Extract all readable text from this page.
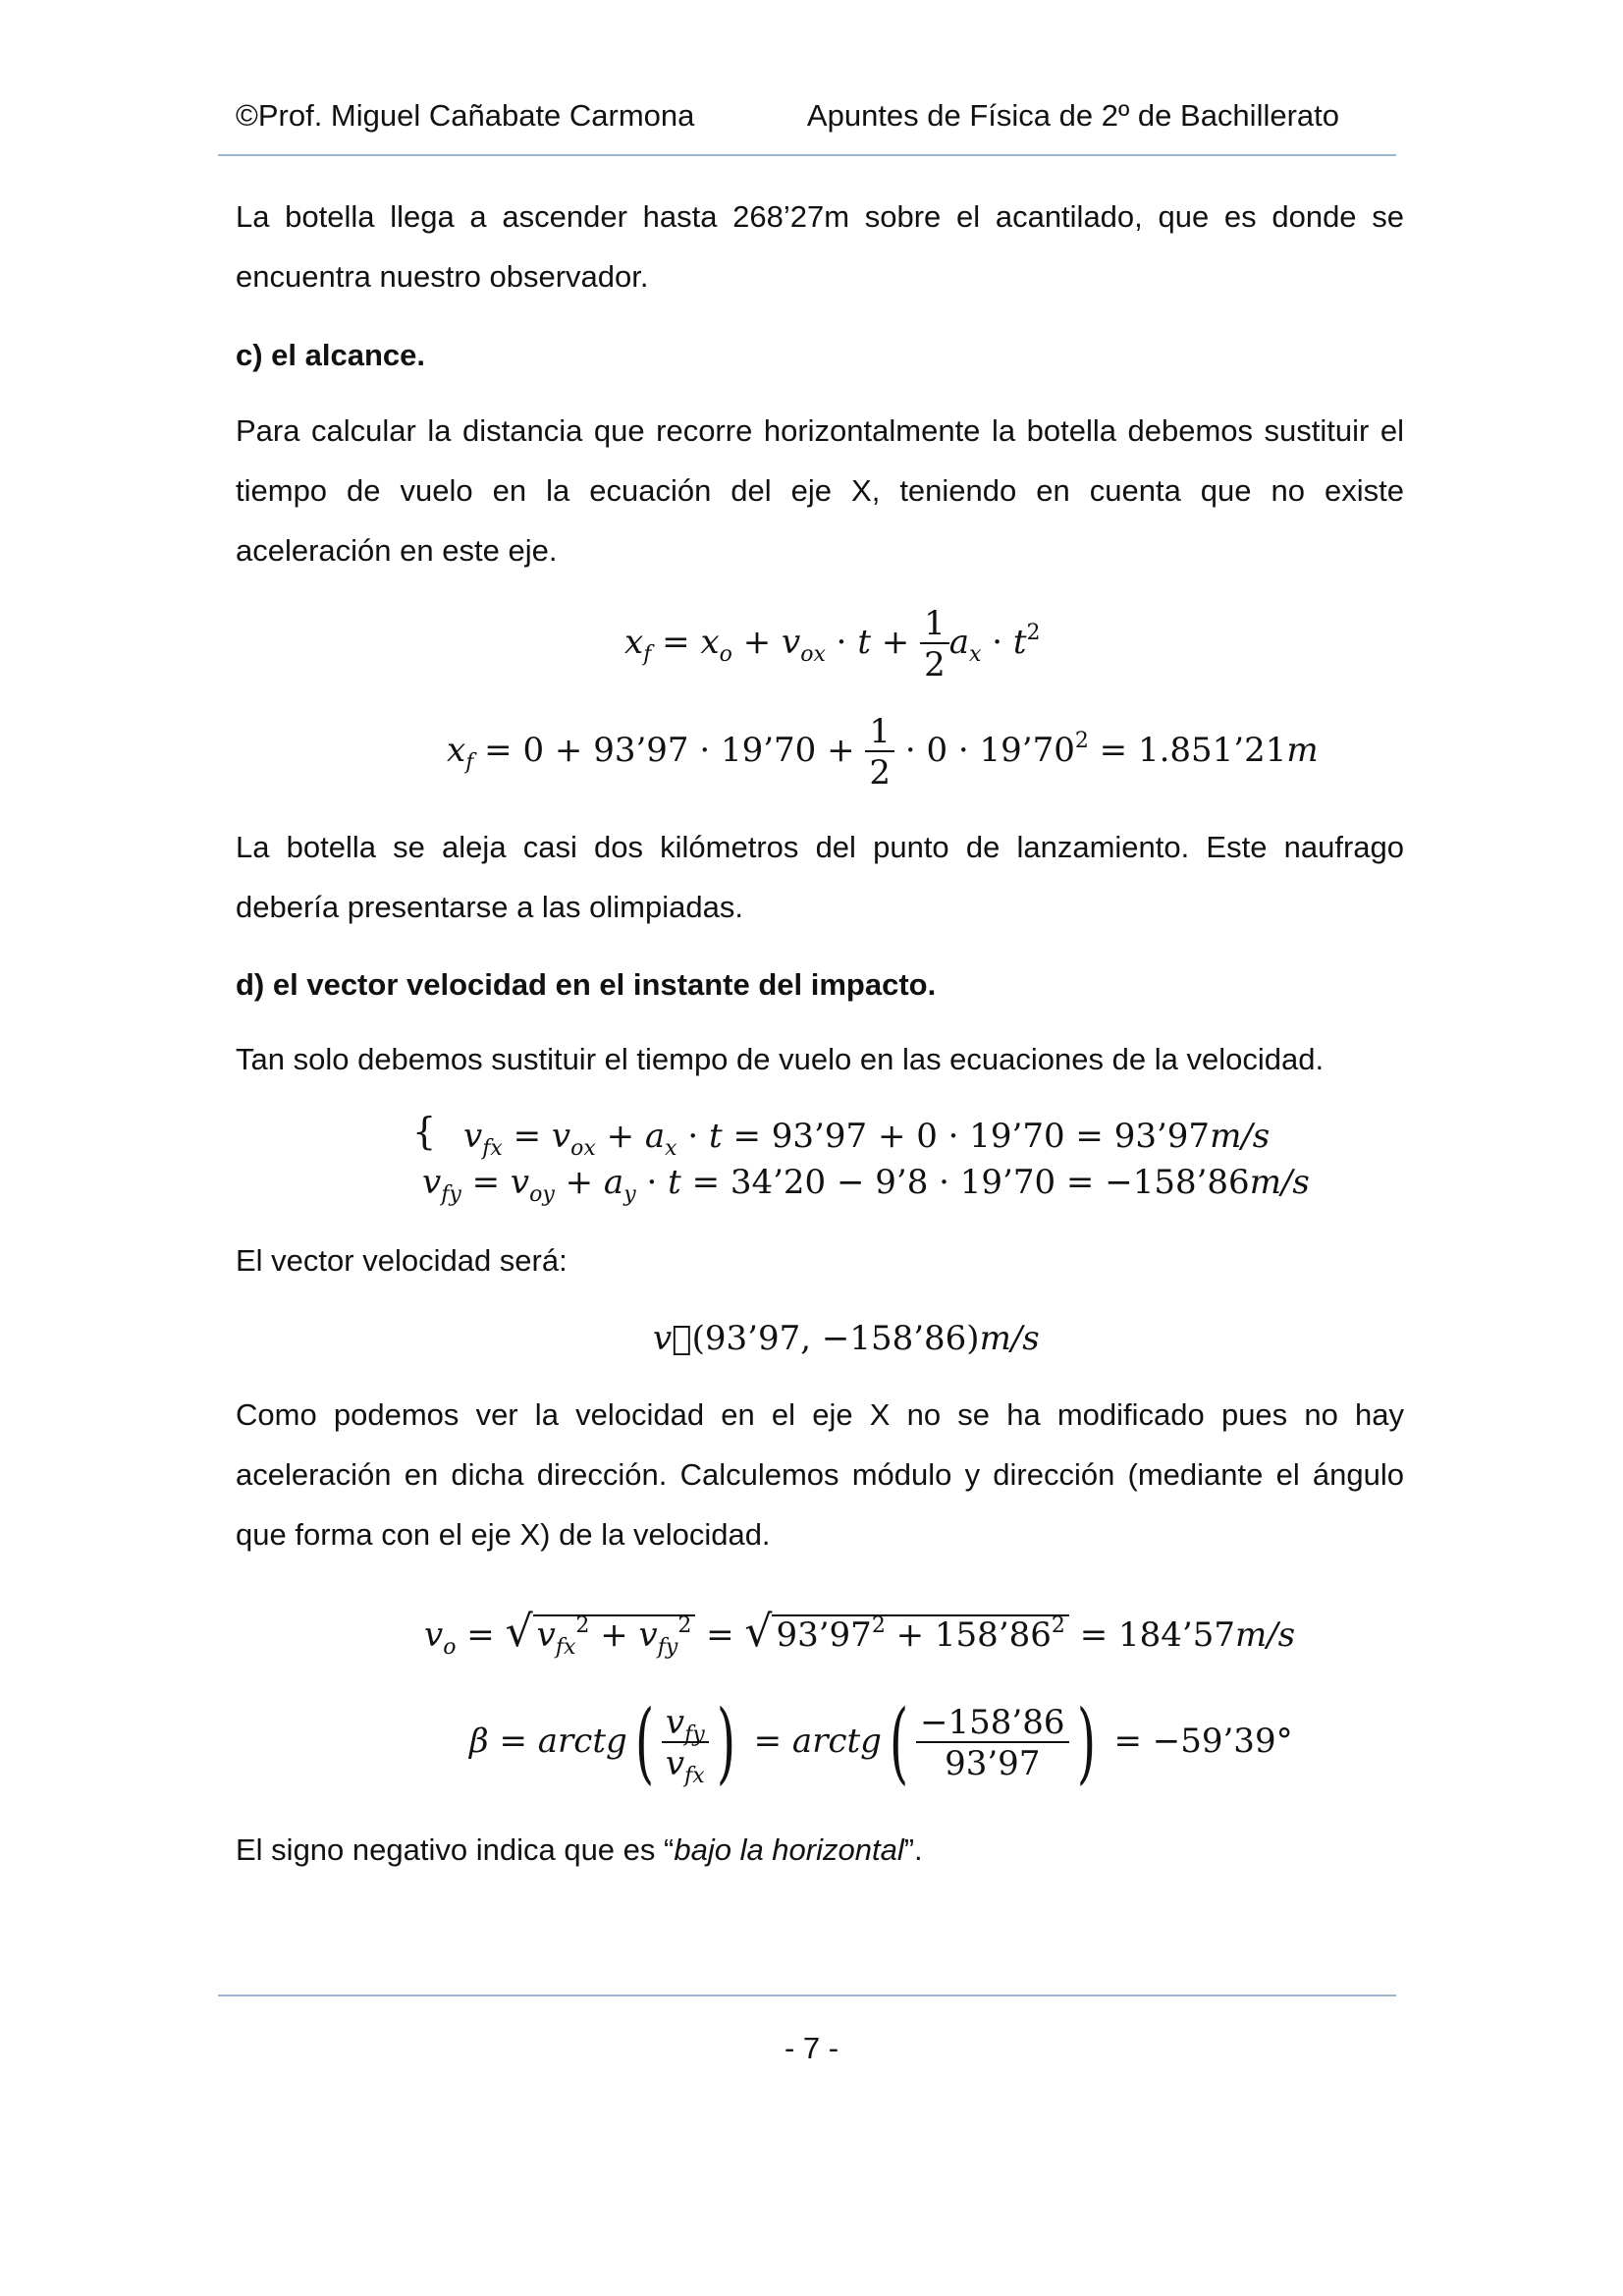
©Prof. Miguel Cañabate Carmona	Apuntes de Física de 2º de Bachillerato
La botella llega a ascender hasta 268’27m sobre el acantilado, que es donde se encuentra nuestro observador.
c) el alcance.
Para calcular la distancia que recorre horizontalmente la botella debemos sustituir el tiempo de vuelo en la ecuación del eje X, teniendo en cuenta que no existe aceleración en este eje.
$x_f = x_o + v_{ox} \cdot t + \frac{1}{2} a_x \cdot t^2$
$x_f = 0$ + 93’97 · 19’70 + $\frac{1}{2} \cdot 0$ · $19’70^2$ = 1.851’21m
La botella se aleja casi dos kilómetros del punto de lanzamiento. Este naufrago debería presentarse a las olimpiadas.
d) el vector velocidad en el instante del impacto.
Tan solo debemos sustituir el tiempo de vuelo en las ecuaciones de la velocidad.
{ $v_{fx} = v_{ox} + a_x \cdot t$ = 93’97 + 0 · 19’70 = 93’97m/s
$v_{fy} = v_{oy} + a_y \cdot t$ = 34’20 − 9’8 · 19’70 = −158’86m/s
El vector velocidad será:
v⃗(93’97, −158’86)m/s
Como podemos ver la velocidad en el eje X no se ha modificado pues no hay aceleración en dicha dirección. Calculemos módulo y dirección (mediante el ángulo que forma con el eje X) de la velocidad.
$v_o$ = √ $v_{fx}^2 + v_{fy}^2$ = √ $93’97^2$ + $158’86^2$ = 184’57m/s
β = arctg( $\frac{v_{fy}}{v_{fx}}$ ) = arctg( $\frac{-158’86}{93’97}$ ) = −59’39°
El signo negativo indica que es “bajo la horizontal”.
- 7 -
